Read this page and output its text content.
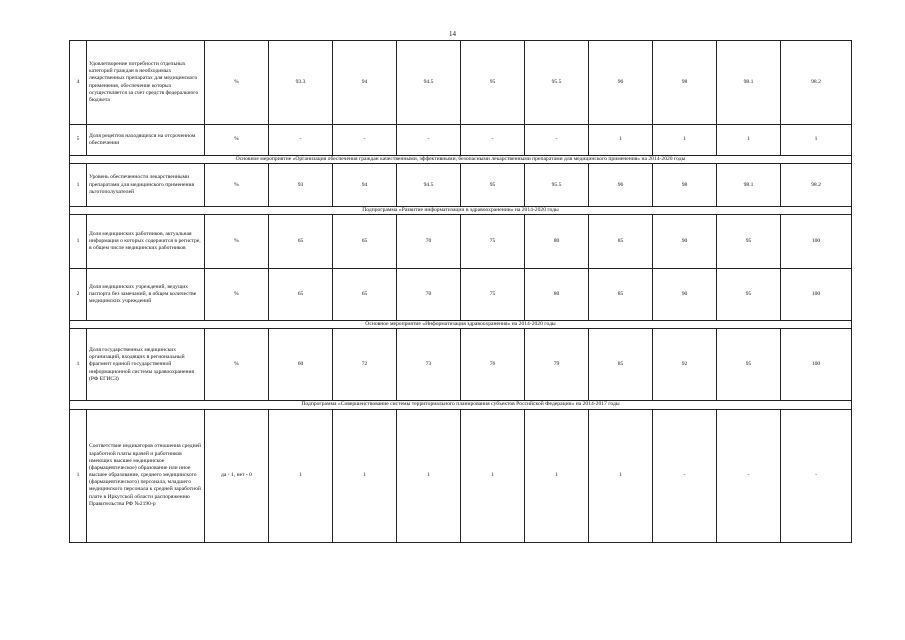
14
4	Удовлетворение потребности отдельных категорий граждан в необходимых лекарственных препаратах для медицинского применения, обеспечение которых осуществляется за счет средств федерального бюджета	%	93.3	94	94.5	95	95.5	96	98	98.1	98.2
5	Доля рецептов находящихся на отсроченном обеспечении	%	-	-	-	-	-	1	1	1	1
Основное мероприятие «Организация обеспечения граждан качественными, эффективными, безопасными лекарственными препаратами для медицинского применения» на 2014-2020 годы											
1	Уровень обеспеченности лекарственными препаратами для медицинского применения льготополучателей	%	93	94	94.5	95	95.5	96	98	98.1	98.2
Подпрограмма «Развитие информатизации в здравоохранении» на 2014-2020 годы											
1	Доля медицинских работников, актуальная информация о которых содержится в регистре, в общем числе медицинских работников	%	65	65	70	75	80	85	90	95	100
2	Доля медицинских учреждений, ведущих паспорта без замечаний, в общем количестве медицинских учреждений	%	65	65	70	75	80	85	90	95	100
Основное мероприятие «Информатизация здравоохранения» на 2014-2020 годы											
1	Доля государственных медицинских организаций, входящих в региональный фрагмент единой государственной информационной системы здравоохранения (РФ ЕГИСЗ)	%	60	72	73	76	79	85	92	95	100
Подпрограмма «Совершенствование системы территориального планирования субъектов Российской Федерации» на 2014-2017 годы											
1	Соответствие индикаторов отношения средней заработной платы врачей и работников имеющих высшее медицинское (фармацевтическое) образование или иное высшее образование, среднего медицинского (фармацевтического) персонала, младшего медицинского персонала к средней заработной плате в Иркутской области распоряжению Правительства РФ №2190-р	да - 1, нет - 0	1	1	1	1	1	1	-	-	-
